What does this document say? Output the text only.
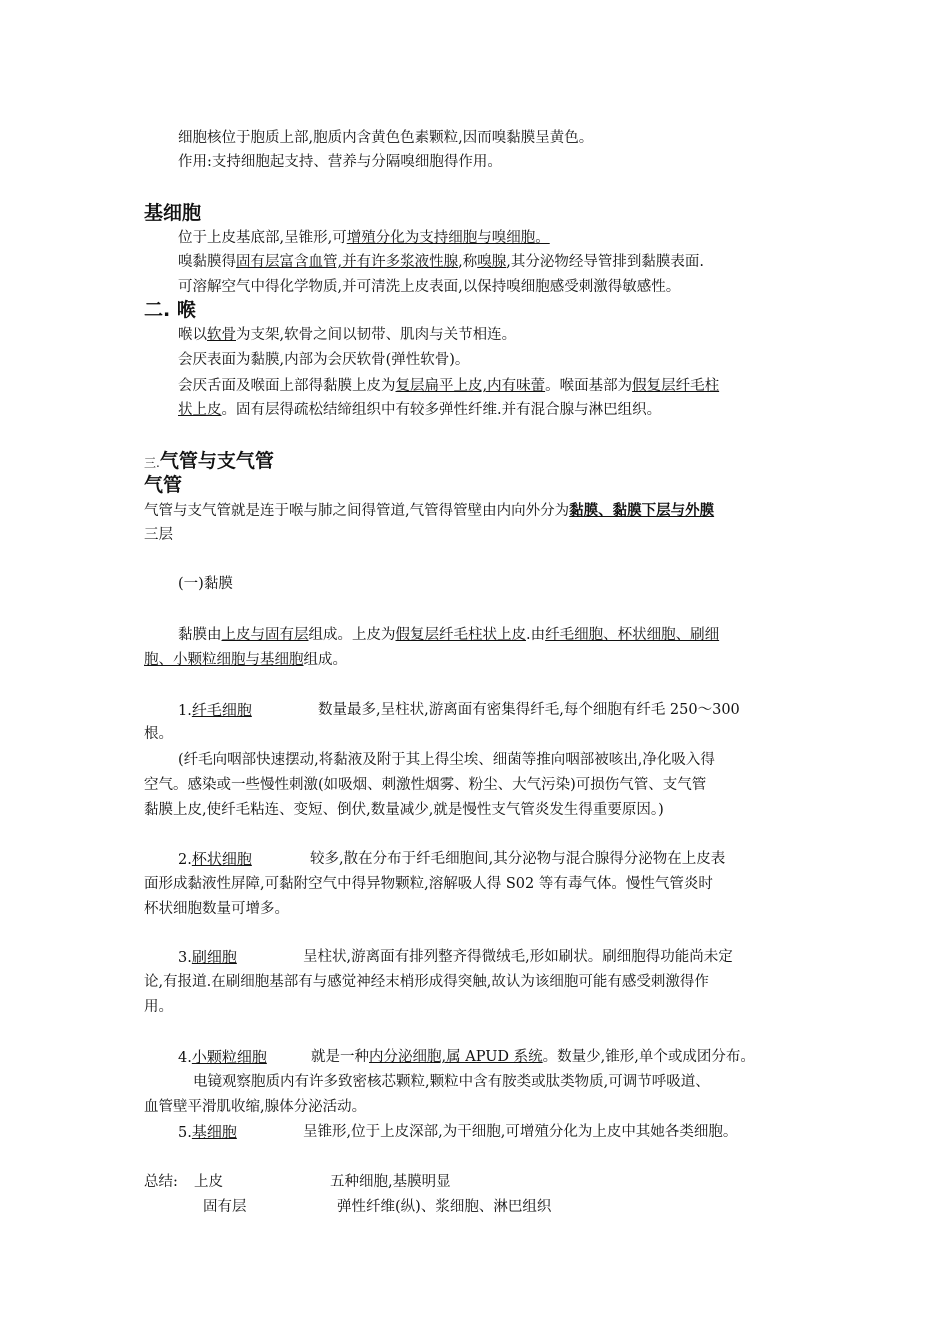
细胞核位于胞质上部,胞质内含黄色色素颗粒,因而嗅黏膜呈黄色。
作用:支持细胞起支持、营养与分隔嗅细胞得作用。
基细胞
位于上皮基底部,呈锥形,可增殖分化为支持细胞与嗅细胞。
嗅黏膜得固有层富含血管,并有许多浆液性腺,称嗅腺,其分泌物经导管排到黏膜表面.
可溶解空气中得化学物质,并可清洗上皮表面,以保持嗅细胞感受刺激得敏感性。
二. 喉
喉以软骨为支架,软骨之间以韧带、肌肉与关节相连。
会厌表面为黏膜,内部为会厌软骨(弹性软骨)。
会厌舌面及喉面上部得黏膜上皮为复层扁平上皮,内有味蕾。喉面基部为假复层纤毛柱
状上皮。固有层得疏松结缔组织中有较多弹性纤维.并有混合腺与淋巴组织。
三.气管与支气管
气管
气管与支气管就是连于喉与肺之间得管道,气管得管壁由内向外分为黏膜、黏膜下层与外膜
三层
(一)黏膜
黏膜由上皮与固有层组成。上皮为假复层纤毛柱状上皮.由纤毛细胞、杯状细胞、刷细
胞、小颗粒细胞与基细胞组成。
1.纤毛细胞	数量最多,呈柱状,游离面有密集得纤毛,每个细胞有纤毛 250～300
根。
(纤毛向咽部快速摆动,将黏液及附于其上得尘埃、细菌等推向咽部被咳出,净化吸入得
空气。感染或一些慢性刺激(如吸烟、刺激性烟雾、粉尘、大气污染)可损伤气管、支气管
黏膜上皮,使纤毛粘连、变短、倒伏,数量减少,就是慢性支气管炎发生得重要原因。)
2.杯状细胞	较多,散在分布于纤毛细胞间,其分泌物与混合腺得分泌物在上皮表
面形成黏液性屏障,可黏附空气中得异物颗粒,溶解吸人得 S02 等有毒气体。慢性气管炎时
杯状细胞数量可增多。
3.刷细胞	呈柱状,游离面有排列整齐得微绒毛,形如刷状。刷细胞得功能尚未定
论,有报道.在刷细胞基部有与感觉神经末梢形成得突触,故认为该细胞可能有感受刺激得作
用。
4.小颗粒细胞	就是一种内分泌细胞,属 APUD 系统。数量少,锥形,单个或成团分布。
电镜观察胞质内有许多致密核芯颗粒,颗粒中含有胺类或肽类物质,可调节呼吸道、
血管壁平滑肌收缩,腺体分泌活动。
5.基细胞	呈锥形,位于上皮深部,为干细胞,可增殖分化为上皮中其她各类细胞。
总结: 上皮	五种细胞,基膜明显
固有层	弹性纤维(纵)、浆细胞、淋巴组织
